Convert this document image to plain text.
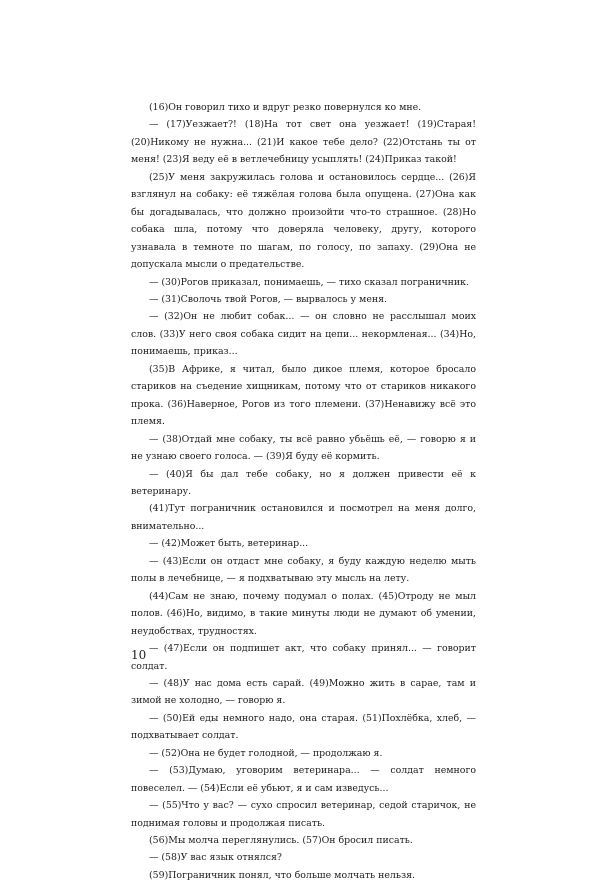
(16)Он говорил тихо и вдруг резко повернулся ко мне.

— (17)Уезжает?! (18)На тот свет она уезжает! (19)Старая! (20)Никому не нужна... (21)И какое тебе дело? (22)Отстань ты от меня! (23)Я веду её в ветлечебницу усыплять! (24)Приказ такой!

(25)У меня закружилась голова и остановилось сердце... (26)Я взглянул на собаку: её тяжёлая голова была опущена. (27)Она как бы догадывалась, что должно произойти что-то страшное. (28)Но собака шла, потому что доверяла человеку, другу, которого узнавала в темноте по шагам, по голосу, по запаху. (29)Она не допускала мысли о предательстве.

— (30)Рогов приказал, понимаешь, — тихо сказал пограничник.

— (31)Сволочь твой Рогов, — вырвалось у меня.

— (32)Он не любит собак... — он словно не расслышал моих слов. (33)У него своя собака сидит на цепи... некормленая... (34)Но, понимаешь, приказ...

(35)В Африке, я читал, было дикое племя, которое бросало стариков на съедение хищникам, потому что от стариков никакого прока. (36)Наверное, Рогов из того племени. (37)Ненавижу всё это племя.

— (38)Отдай мне собаку, ты всё равно убьёшь её, — говорю я и не узнаю своего голоса. — (39)Я буду её кормить.

— (40)Я бы дал тебе собаку, но я должен привести её к ветеринару.

(41)Тут пограничник остановился и посмотрел на меня долго, внимательно...

— (42)Может быть, ветеринар...

— (43)Если он отдаст мне собаку, я буду каждую неделю мыть полы в лечебнице, — я подхватываю эту мысль на лету.

(44)Сам не знаю, почему подумал о полах. (45)Отроду не мыл полов. (46)Но, видимо, в такие минуты люди не думают об умении, неудобствах, трудностях.

— (47)Если он подпишет акт, что собаку принял... — говорит солдат.

— (48)У нас дома есть сарай. (49)Можно жить в сарае, там и зимой не холодно, — говорю я.

— (50)Ей еды немного надо, она старая. (51)Похлёбка, хлеб, — подхватывает солдат.

— (52)Она не будет голодной, — продолжаю я.

— (53)Думаю, уговорим ветеринара... — солдат немного повеселел. — (54)Если её убьют, я и сам изведусь...

— (55)Что у вас? — сухо спросил ветеринар, седой старичок, не поднимая головы и продолжая писать.

(56)Мы молча переглянулись. (57)Он бросил писать.

— (58)У вас язык отнялся?

(59)Пограничник понял, что больше молчать нельзя.

10
